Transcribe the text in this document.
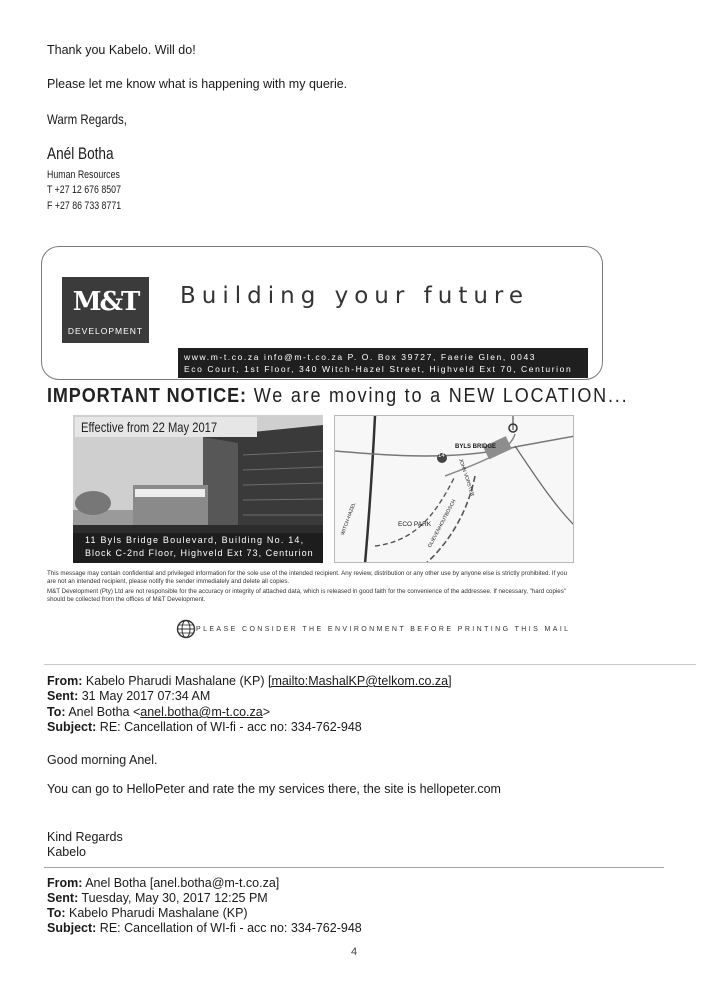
Thank you Kabelo. Will do!
Please let me know what is happening with my querie.
Warm Regards,
Anél Botha
Human Resources
T +27 12 676 8507
F +27 86 733 8771
M&T
DEVELOPMENT
Building your future
www.m-t.co.za info@m-t.co.za P. O. Box 39727, Faerie Glen, 0043
Eco Court, 1st Floor, 340 Witch-Hazel Street, Highveld Ext 70, Centurion
IMPORTANT NOTICE: We are moving to a NEW LOCATION...
Effective from 22 May 2017
11 Byls Bridge Boulevard, Building No. 14,
Block C-2nd Floor, Highveld Ext 73, Centurion
BYLS BRIDGE
14
ECO PARK
WITCH-HAZEL
JOHN VORSTER
OLIEVENHOUTBOSCH
This message may contain confidential and privileged information for the sole use of the intended recipient. Any review, distribution or any other use by anyone else is strictly prohibited. If you are not an intended recipient, please notify the sender immediately and delete all copies.
M&T Development (Pty) Ltd are not responsible for the accuracy or integrity of attached data, which is released in good faith for the convenience of the addressee. If necessary, "hard copies" should be collected from the offices of M&T Development.
PLEASE CONSIDER THE ENVIRONMENT BEFORE PRINTING THIS MAIL
From: Kabelo Pharudi Mashalane (KP) [mailto:MashalKP@telkom.co.za]
Sent: 31 May 2017 07:34 AM
To: Anel Botha <anel.botha@m-t.co.za>
Subject: RE: Cancellation of WI-fi - acc no: 334-762-948
Good morning Anel.
You can go to HelloPeter and rate the my services there, the site is hellopeter.com
Kind Regards
Kabelo
From: Anel Botha [anel.botha@m-t.co.za]
Sent: Tuesday, May 30, 2017 12:25 PM
To: Kabelo Pharudi Mashalane (KP)
Subject: RE: Cancellation of WI-fi - acc no: 334-762-948
4
